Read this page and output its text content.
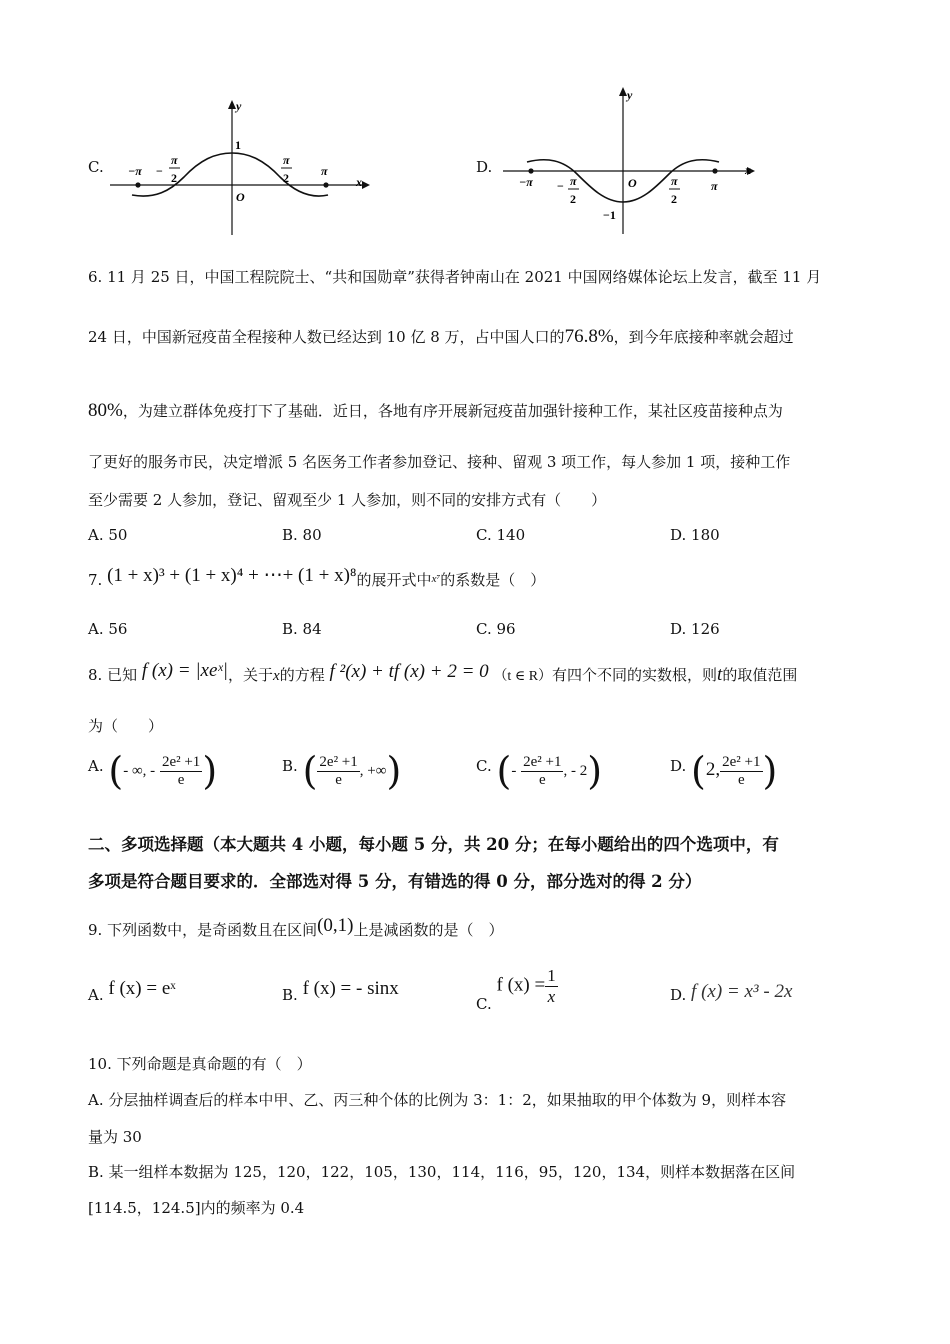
C.
y
x
−π −
π
2
1
O
π
2	π	D.
y
x
−π − π
2
O
−1
π
2
π
6. 11 月 25 日，中国工程院院士、“共和国勋章”获得者钟南山在 2021 中国网络媒体论坛上发言，截至 11 月
24 日，中国新冠疫苗全程接种人数已经达到 10 亿 8 万，占中国人口的76.8%，到今年底接种率就会超过
80%，为建立群体免疫打下了基础．近日，各地有序开展新冠疫苗加强针接种工作，某社区疫苗接种点为
了更好的服务市民，决定增派 5 名医务工作者参加登记、接种、留观 3 项工作，每人参加 1 项，接种工作
至少需要 2 人参加，登记、留观至少 1 人参加，则不同的安排方式有（　　）
A. 50	B. 80	C. 140	D. 180
7. (1 + x)³ + (1 + x)⁴ + ⋯+ (1 + x)⁸的展开式中$^{x^7}$的系数是（　）
A. 56	B. 84	C. 96	D. 126
8. 已知 f (x) = |xeˣ|，关于x的方程 f ²(x) + tf (x) + 2 = 0 （t ∈ R）有四个不同的实数根，则t的取值范围
为（　　）
A. (- ∞, - $\frac{\text{2e² +1}}{e}$ )	B. ( $\frac{\text{2e² +1}}{e}$ , +∞)	C. (- $\frac{\text{2e² +1}}{e}$ , - 2)	D. (2, $\frac{\text{2e² +1}}{e}$ )
二、多项选择题（本大题共 4 小题，每小题 5 分，共 20 分；在每小题给出的四个选项中，有
多项是符合题目要求的．全部选对得 5 分，有错选的得 0 分，部分选对的得 2 分）
9. 下列函数中，是奇函数且在区间(0,1)上是减函数的是（　）
A. f (x) = eˣ	B. f (x) = - sinx
C. f $(x) = \frac{1}{x}$	D. f (x) = x³ - 2x
10. 下列命题是真命题的有（　）
A. 分层抽样调查后的样本中甲、乙、丙三种个体的比例为 3：1：2，如果抽取的甲个体数为 9，则样本容
量为 30
B. 某一组样本数据为 125，120，122，105，130，114，116，95，120，134，则样本数据落在区间
[114.5，124.5]内的频率为 0.4
